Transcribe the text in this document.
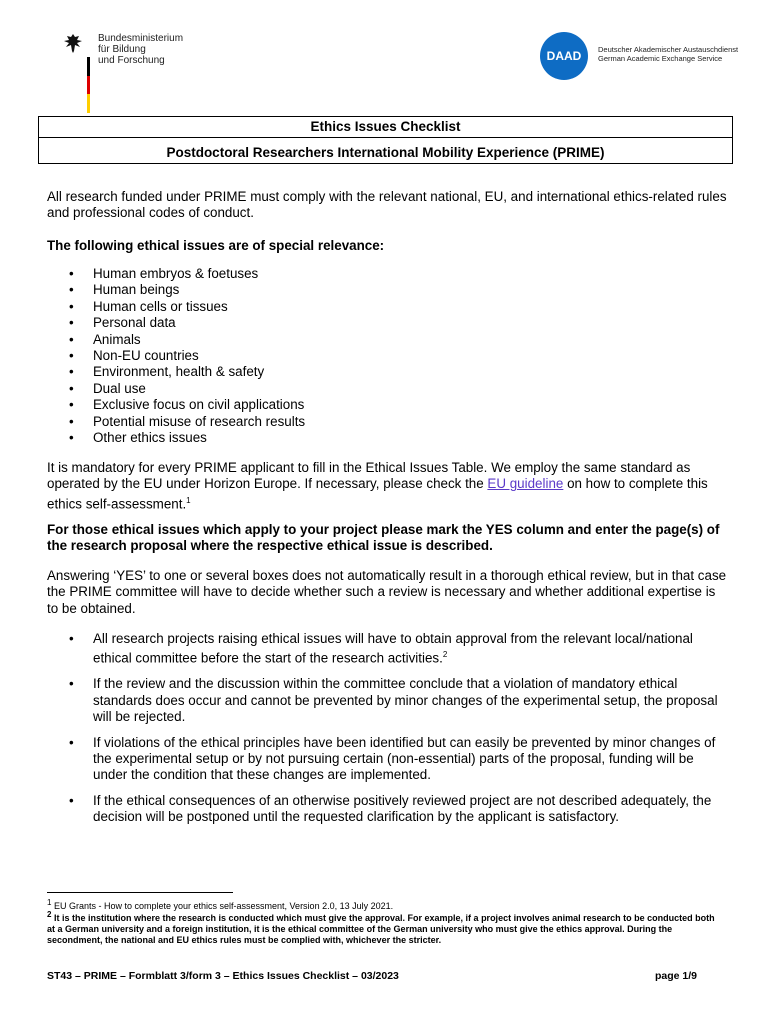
Bundesministerium
für Bildung
und Forschung	DAAD	Deutscher Akademischer Austauschdienst
German Academic Exchange Service
Ethics Issues Checklist
Postdoctoral Researchers International Mobility Experience (PRIME)
All research funded under PRIME must comply with the relevant national, EU, and international ethics-related rules and professional codes of conduct.
The following ethical issues are of special relevance:
• Human embryos & foetuses
• Human beings
• Human cells or tissues
• Personal data
• Animals
• Non-EU countries
• Environment, health & safety
• Dual use
• Exclusive focus on civil applications
• Potential misuse of research results
• Other ethics issues
It is mandatory for every PRIME applicant to fill in the Ethical Issues Table. We employ the same standard as operated by the EU under Horizon Europe. If necessary, please check the EU guideline on how to complete this ethics self-assessment.$^1$
For those ethical issues which apply to your project please mark the YES column and enter the page(s) of the research proposal where the respective ethical issue is described.
Answering ‘YES’ to one or several boxes does not automatically result in a thorough ethical review, but in that case the PRIME committee will have to decide whether such a review is necessary and whether additional expertise is to be obtained.
• All research projects raising ethical issues will have to obtain approval from the relevant local/national ethical committee before the start of the research activities.$^2$
• If the review and the discussion within the committee conclude that a violation of mandatory ethical standards does occur and cannot be prevented by minor changes of the experimental setup, the proposal will be rejected.
• If violations of the ethical principles have been identified but can easily be prevented by minor changes of the experimental setup or by not pursuing certain (non-essential) parts of the proposal, funding will be under the condition that these changes are implemented.
• If the ethical consequences of an otherwise positively reviewed project are not described adequately, the decision will be postponed until the requested clarification by the applicant is satisfactory.
$^1$ EU Grants - How to complete your ethics self-assessment, Version 2.0, 13 July 2021.
$^2$ It is the institution where the research is conducted which must give the approval. For example, if a project involves animal research to be conducted both at a German university and a foreign institution, it is the ethical committee of the German university who must give the ethics approval. During the secondment, the national and EU ethics rules must be complied with, whichever the stricter.
ST43 – PRIME – Formblatt 3/form 3 – Ethics Issues Checklist – 03/2023	page 1/9
